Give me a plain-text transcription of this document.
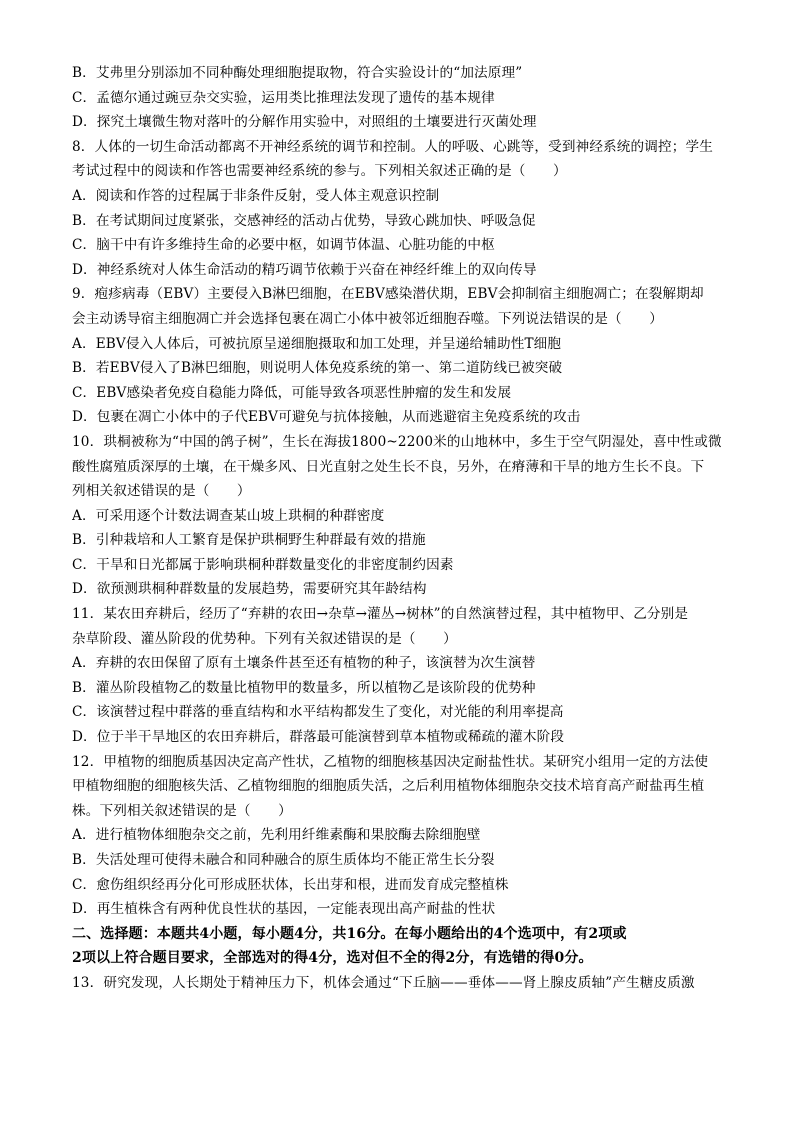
B．艾弗里分别添加不同种酶处理细胞提取物，符合实验设计的“加法原理”
C．孟德尔通过豌豆杂交实验，运用类比推理法发现了遗传的基本规律
D．探究土壤微生物对落叶的分解作用实验中，对照组的土壤要进行灭菌处理
8．人体的一切生命活动都离不开神经系统的调节和控制。人的呼吸、心跳等，受到神经系统的调控；学生
考试过程中的阅读和作答也需要神经系统的参与。下列相关叙述正确的是（　　）
A．阅读和作答的过程属于非条件反射，受人体主观意识控制
B．在考试期间过度紧张，交感神经的活动占优势，导致心跳加快、呼吸急促
C．脑干中有许多维持生命的必要中枢，如调节体温、心脏功能的中枢
D．神经系统对人体生命活动的精巧调节依赖于兴奋在神经纤维上的双向传导
9．疱疹病毒（EBV）主要侵入B淋巴细胞，在EBV感染潜伏期，EBV会抑制宿主细胞凋亡；在裂解期却
会主动诱导宿主细胞凋亡并会选择包裹在凋亡小体中被邻近细胞吞噬。下列说法错误的是（　　）
A．EBV侵入人体后，可被抗原呈递细胞摄取和加工处理，并呈递给辅助性T细胞
B．若EBV侵入了B淋巴细胞，则说明人体免疫系统的第一、第二道防线已被突破
C．EBV感染者免疫自稳能力降低，可能导致各项恶性肿瘤的发生和发展
D．包裹在凋亡小体中的子代EBV可避免与抗体接触，从而逃避宿主免疫系统的攻击
10．珙桐被称为“中国的鸽子树”，生长在海拔1800~2200米的山地林中，多生于空气阴湿处，喜中性或微
酸性腐殖质深厚的土壤，在干燥多风、日光直射之处生长不良，另外，在瘠薄和干旱的地方生长不良。下
列相关叙述错误的是（　　）
A．可采用逐个计数法调查某山坡上珙桐的种群密度
B．引种栽培和人工繁育是保护珙桐野生种群最有效的措施
C．干旱和日光都属于影响珙桐种群数量变化的非密度制约因素
D．欲预测珙桐种群数量的发展趋势，需要研究其年龄结构
11．某农田弃耕后，经历了“弃耕的农田→杂草→灌丛→树林”的自然演替过程，其中植物甲、乙分别是
杂草阶段、灌丛阶段的优势种。下列有关叙述错误的是（　　）
A．弃耕的农田保留了原有土壤条件甚至还有植物的种子，该演替为次生演替
B．灌丛阶段植物乙的数量比植物甲的数量多，所以植物乙是该阶段的优势种
C．该演替过程中群落的垂直结构和水平结构都发生了变化，对光能的利用率提高
D．位于半干旱地区的农田弃耕后，群落最可能演替到草本植物或稀疏的灌木阶段
12．甲植物的细胞质基因决定高产性状，乙植物的细胞核基因决定耐盐性状。某研究小组用一定的方法使
甲植物细胞的细胞核失活、乙植物细胞的细胞质失活，之后利用植物体细胞杂交技术培育高产耐盐再生植
株。下列相关叙述错误的是（　　）
A．进行植物体细胞杂交之前，先利用纤维素酶和果胶酶去除细胞壁
B．失活处理可使得未融合和同种融合的原生质体均不能正常生长分裂
C．愈伤组织经再分化可形成胚状体，长出芽和根，进而发育成完整植株
D．再生植株含有两种优良性状的基因，一定能表现出高产耐盐的性状
二、选择题：本题共4小题，每小题4分，共16分。在每小题给出的4个选项中，有2项或
2项以上符合题目要求，全部选对的得4分，选对但不全的得2分，有选错的得0分。
13．研究发现，人长期处于精神压力下，机体会通过“下丘脑——垂体——肾上腺皮质轴”产生糖皮质激
